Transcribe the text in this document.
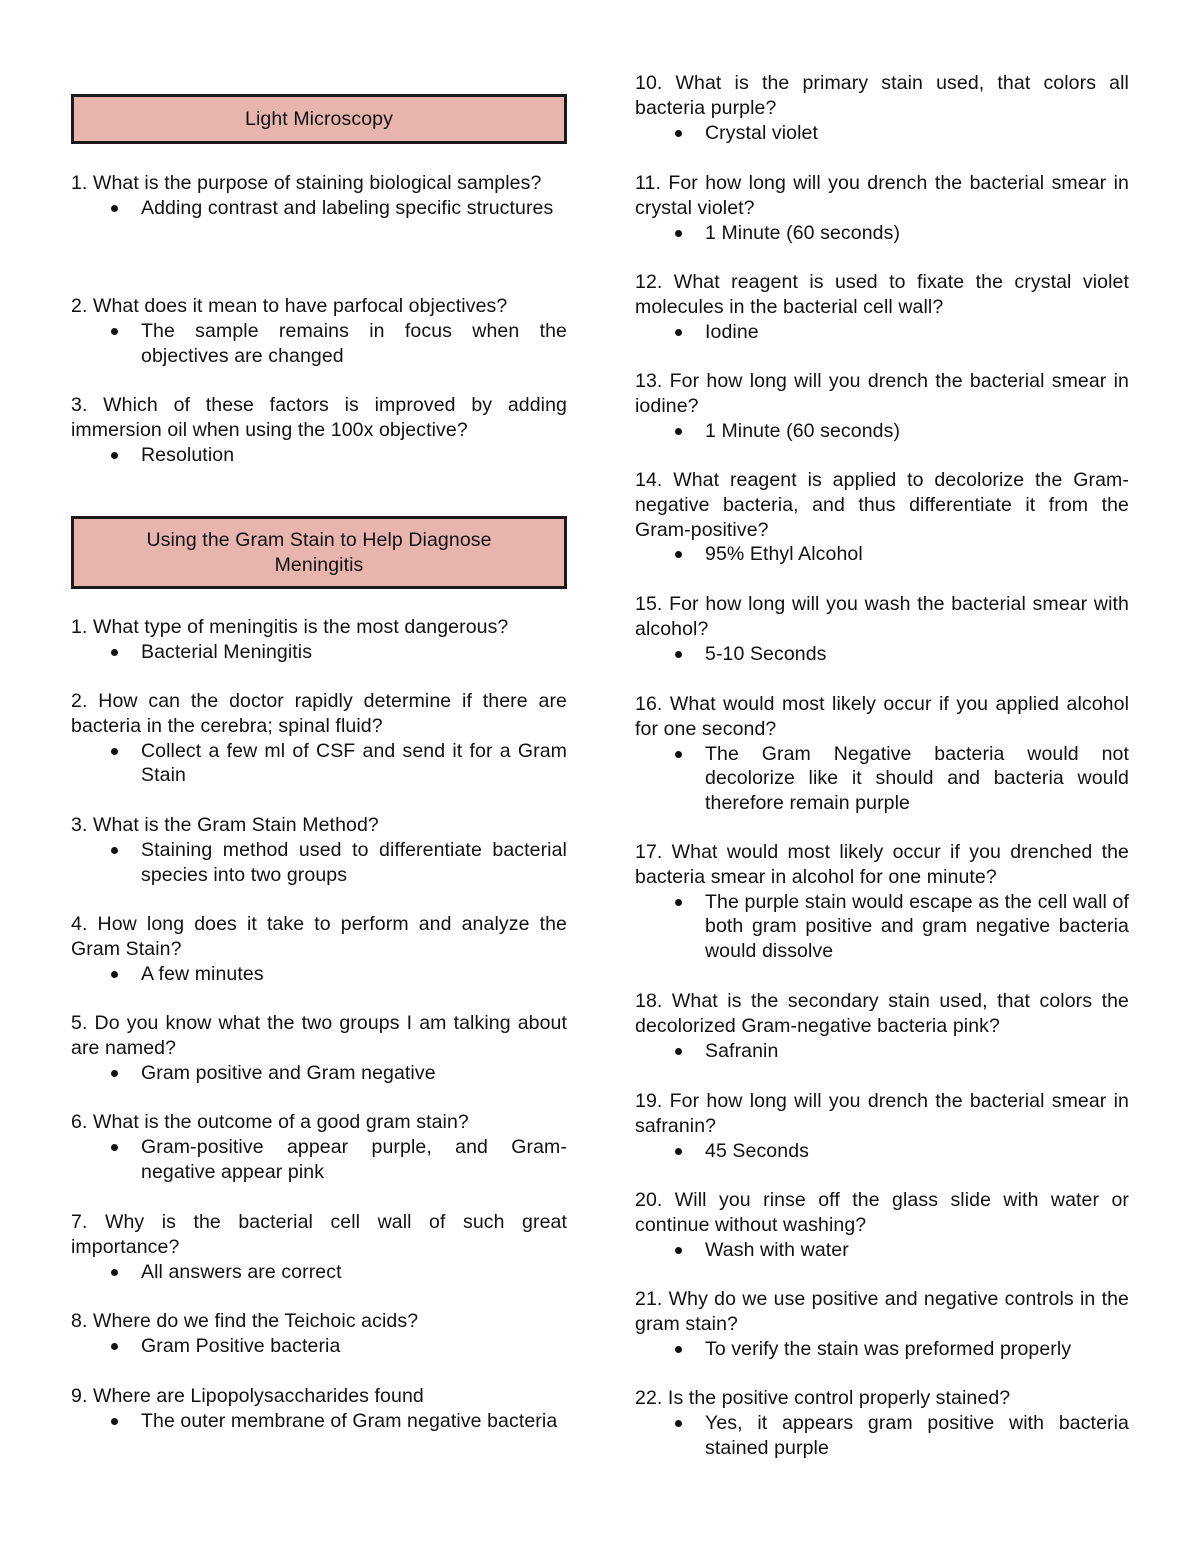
Light Microscopy

1. What is the purpose of staining biological samples?

Adding contrast and labeling specific structures

2. What does it mean to have parfocal objectives?

The sample remains in focus when the objectives are changed

3. Which of these factors is improved by adding immersion oil when using the 100x objective?

Resolution

Using the Gram Stain to Help Diagnose Meningitis

1. What type of meningitis is the most dangerous?

Bacterial Meningitis

2. How can the doctor rapidly determine if there are bacteria in the cerebra; spinal fluid?

Collect a few ml of CSF and send it for a Gram Stain

3. What is the Gram Stain Method?

Staining method used to differentiate bacterial species into two groups

4. How long does it take to perform and analyze the Gram Stain?

A few minutes

5. Do you know what the two groups I am talking about are named?

Gram positive and Gram negative

6. What is the outcome of a good gram stain?

Gram-positive appear purple, and Gram-negative appear pink

7. Why is the bacterial cell wall of such great importance?

All answers are correct

8. Where do we find the Teichoic acids?

Gram Positive bacteria

9. Where are Lipopolysaccharides found

The outer membrane of Gram negative bacteria

10. What is the primary stain used, that colors all bacteria purple?

Crystal violet

11. For how long will you drench the bacterial smear in crystal violet?

1 Minute (60 seconds)

12. What reagent is used to fixate the crystal violet molecules in the bacterial cell wall?

Iodine

13. For how long will you drench the bacterial smear in iodine?

1 Minute (60 seconds)

14. What reagent is applied to decolorize the Gram-negative bacteria, and thus differentiate it from the Gram-positive?

95% Ethyl Alcohol

15. For how long will you wash the bacterial smear with alcohol?

5-10 Seconds

16. What would most likely occur if you applied alcohol for one second?

The Gram Negative bacteria would not decolorize like it should and bacteria would therefore remain purple

17. What would most likely occur if you drenched the bacteria smear in alcohol for one minute?

The purple stain would escape as the cell wall of both gram positive and gram negative bacteria would dissolve

18. What is the secondary stain used, that colors the decolorized Gram-negative bacteria pink?

Safranin

19. For how long will you drench the bacterial smear in safranin?

45 Seconds

20. Will you rinse off the glass slide with water or continue without washing?

Wash with water

21. Why do we use positive and negative controls in the gram stain?

To verify the stain was preformed properly

22. Is the positive control properly stained?

Yes, it appears gram positive with bacteria stained purple
